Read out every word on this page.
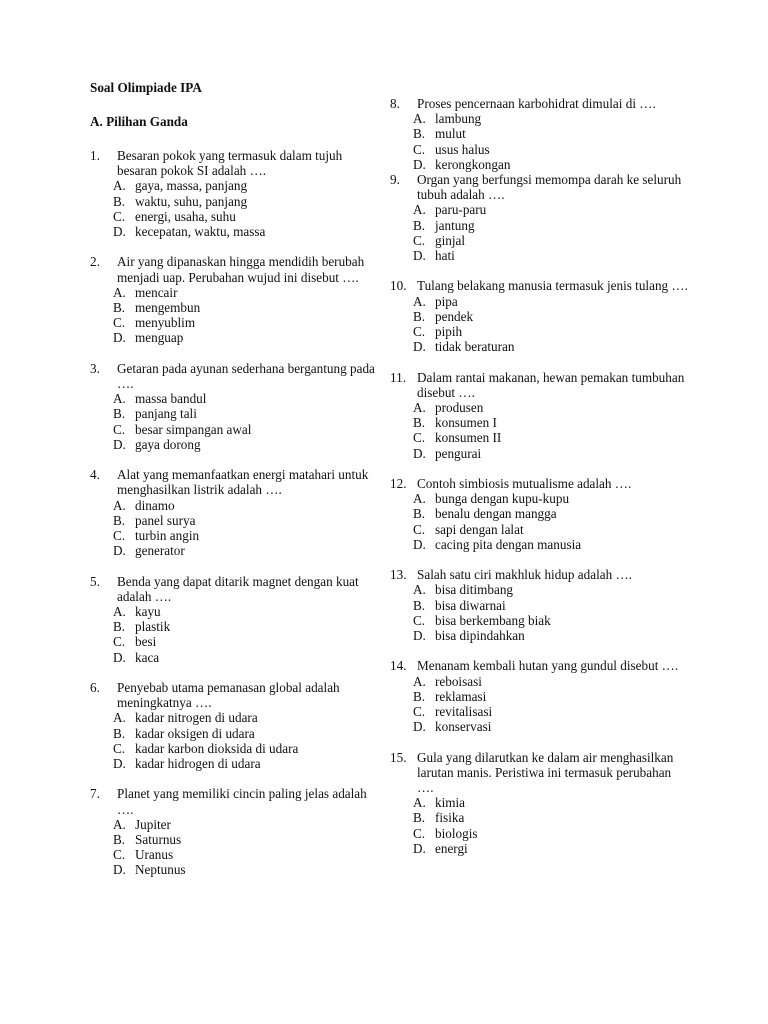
Soal Olimpiade IPA
A. Pilihan Ganda
1.	Besaran pokok yang termasuk dalam tujuh besaran pokok SI adalah ….
A. gaya, massa, panjang
B. waktu, suhu, panjang
C. energi, usaha, suhu
D. kecepatan, waktu, massa
2.	Air yang dipanaskan hingga mendidih berubah menjadi uap. Perubahan wujud ini disebut ….
A. mencair
B. mengembun
C. menyublim
D. menguap
3.	Getaran pada ayunan sederhana bergantung pada ….
A. massa bandul
B. panjang tali
C. besar simpangan awal
D. gaya dorong
4.	Alat yang memanfaatkan energi matahari untuk menghasilkan listrik adalah ….
A. dinamo
B. panel surya
C. turbin angin
D. generator
5.	Benda yang dapat ditarik magnet dengan kuat adalah ….
A. kayu
B. plastik
C. besi
D. kaca
6.	Penyebab utama pemanasan global adalah meningkatnya ….
A. kadar nitrogen di udara
B. kadar oksigen di udara
C. kadar karbon dioksida di udara
D. kadar hidrogen di udara
7.	Planet yang memiliki cincin paling jelas adalah ….
A. Jupiter
B. Saturnus
C. Uranus
D. Neptunus
8.	Proses pencernaan karbohidrat dimulai di ….
A. lambung
B. mulut
C. usus halus
D. kerongkongan
9.	Organ yang berfungsi memompa darah ke seluruh tubuh adalah ….
A. paru-paru
B. jantung
C. ginjal
D. hati
10. Tulang belakang manusia termasuk jenis tulang ….
A. pipa
B. pendek
C. pipih
D. tidak beraturan
11. Dalam rantai makanan, hewan pemakan tumbuhan disebut ….
A. produsen
B. konsumen I
C. konsumen II
D. pengurai
12. Contoh simbiosis mutualisme adalah ….
A. bunga dengan kupu-kupu
B. benalu dengan mangga
C. sapi dengan lalat
D. cacing pita dengan manusia
13. Salah satu ciri makhluk hidup adalah ….
A. bisa ditimbang
B. bisa diwarnai
C. bisa berkembang biak
D. bisa dipindahkan
14. Menanam kembali hutan yang gundul disebut ….
A. reboisasi
B. reklamasi
C. revitalisasi
D. konservasi
15. Gula yang dilarutkan ke dalam air menghasilkan larutan manis. Peristiwa ini termasuk perubahan ….
A. kimia
B. fisika
C. biologis
D. energi
